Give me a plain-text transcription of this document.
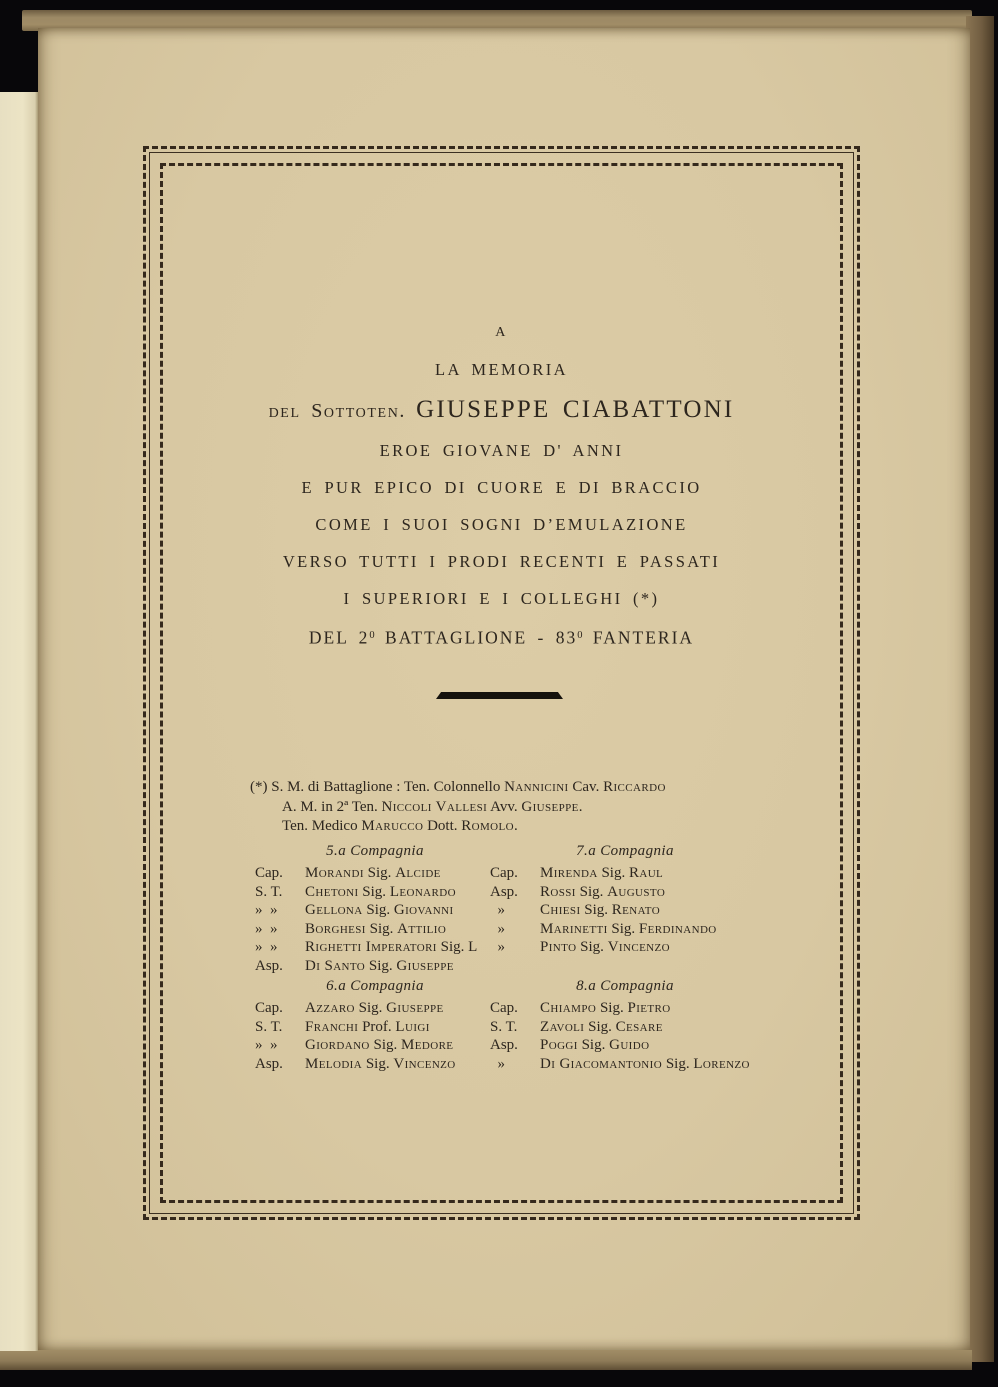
A
LA MEMORIA
del Sottoten. GIUSEPPE CIABATTONI
EROE GIOVANE D' ANNI
E PUR EPICO DI CUORE E DI BRACCIO
COME I SUOI SOGNI D’EMULAZIONE
VERSO TUTTI I PRODI RECENTI E PASSATI
I SUPERIORI E I COLLEGHI (*)
DEL $2^0$ BATTAGLIONE - $83^0$ FANTERIA
(*) S. M. di Battaglione : Ten. Colonnello Nannicini Cav. Riccardo
A. M. in 2ª Ten. Niccoli Vallesi Avv. Giuseppe.
Ten. Medico Marucco Dott. Romolo.
5.a Compagnia
Cap. Morandi Sig. Alcide
S. T. Chetoni Sig. Leonardo
»  » Gellona Sig. Giovanni
»  » Borghesi Sig. Attilio
»  » Righetti Imperatori Sig. L
Asp. Di Santo Sig. Giuseppe
7.a Compagnia
Cap. Mirenda Sig. Raul
Asp. Rossi Sig. Augusto
» Chiesi Sig. Renato
» Marinetti Sig. Ferdinando
» Pinto Sig. Vincenzo
6.a Compagnia
Cap. Azzaro Sig. Giuseppe
S. T. Franchi Prof. Luigi
»  » Giordano Sig. Medore
Asp. Melodia Sig. Vincenzo
8.a Compagnia
Cap. Chiampo Sig. Pietro
S. T. Zavoli Sig. Cesare
Asp. Poggi Sig. Guido
» Di Giacomantonio Sig. Lorenzo
